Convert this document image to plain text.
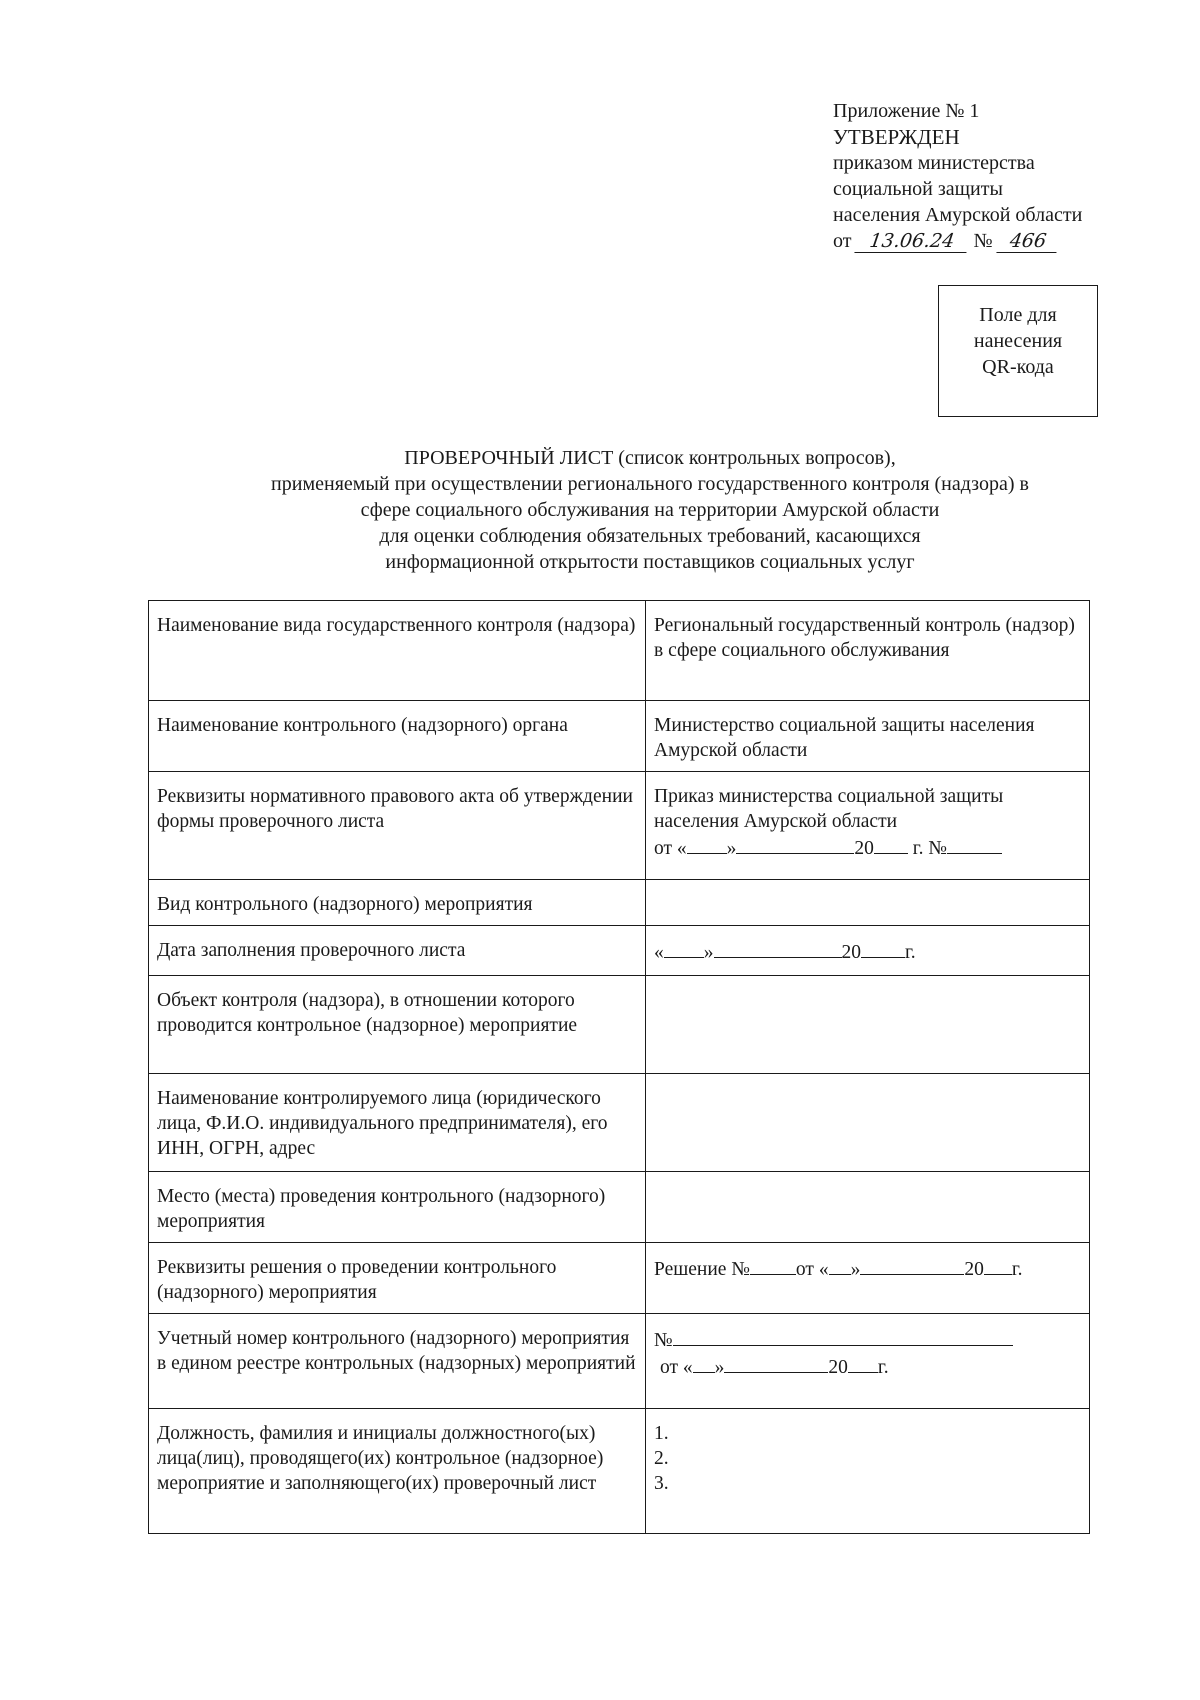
Приложение № 1
УТВЕРЖДЕН
приказом министерства
социальной защиты
населения Амурской области
от 13.06.24 № 466
Поле для
нанесения
QR-кода
ПРОВЕРОЧНЫЙ ЛИСТ (список контрольных вопросов),
применяемый при осуществлении регионального государственного контроля (надзора) в
сфере социального обслуживания на территории Амурской области
для оценки соблюдения обязательных требований, касающихся
информационной открытости поставщиков социальных услуг
Наименование вида государственного контроля (надзора)	Региональный государственный контроль (надзор) в сфере социального обслуживания
Наименование контрольного (надзорного) органа	Министерство социальной защиты населения Амурской области
Реквизиты нормативного правового акта об утверждении формы проверочного листа	Приказ министерства социальной защиты населения Амурской области
от « » 20 г. №

Вид контрольного (надзорного) мероприятия	
Дата заполнения проверочного листа	« » 20 г.
Объект контроля (надзора), в отношении которого проводится контрольное (надзорное) мероприятие	
Наименование контролируемого лица (юридического лица, Ф.И.О. индивидуального предпринимателя), его ИНН, ОГРН, адрес	
Место (места) проведения контрольного (надзорного) мероприятия	
Реквизиты решения о проведении контрольного (надзорного) мероприятия	Решение № от « » 20 г.
Учетный номер контрольного (надзорного) мероприятия в едином реестре контрольных (надзорных) мероприятий	№
от « » 20 г.

Должность, фамилия и инициалы должностного(ых) лица(лиц), проводящего(их) контрольное (надзорное) мероприятие и заполняющего(их) проверочный лист	1.
2.
3.
